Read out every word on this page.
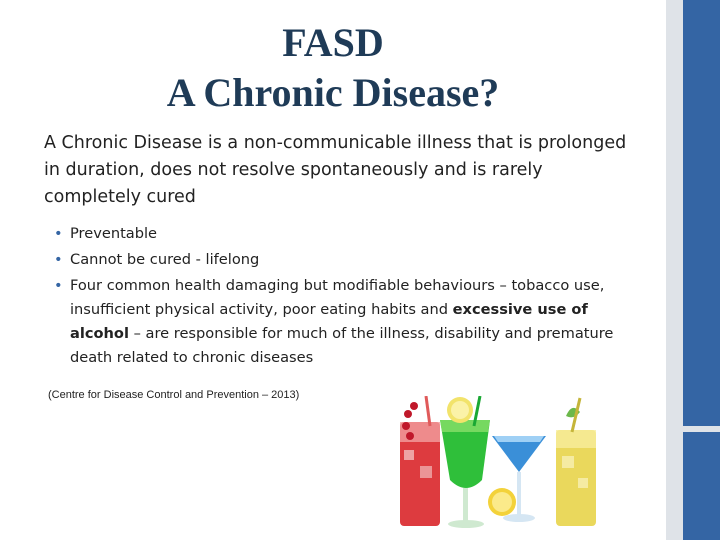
FASD
A Chronic Disease?
A Chronic Disease is a non-communicable illness that is prolonged in duration, does not resolve spontaneously and is rarely completely cured
• Preventable
• Cannot be cured - lifelong
• Four common health damaging but modifiable behaviours – tobacco use, insufficient physical activity, poor eating habits and excessive use of alcohol – are responsible for much of the illness, disability and premature death related to chronic diseases
(Centre for Disease Control and Prevention – 2013)
